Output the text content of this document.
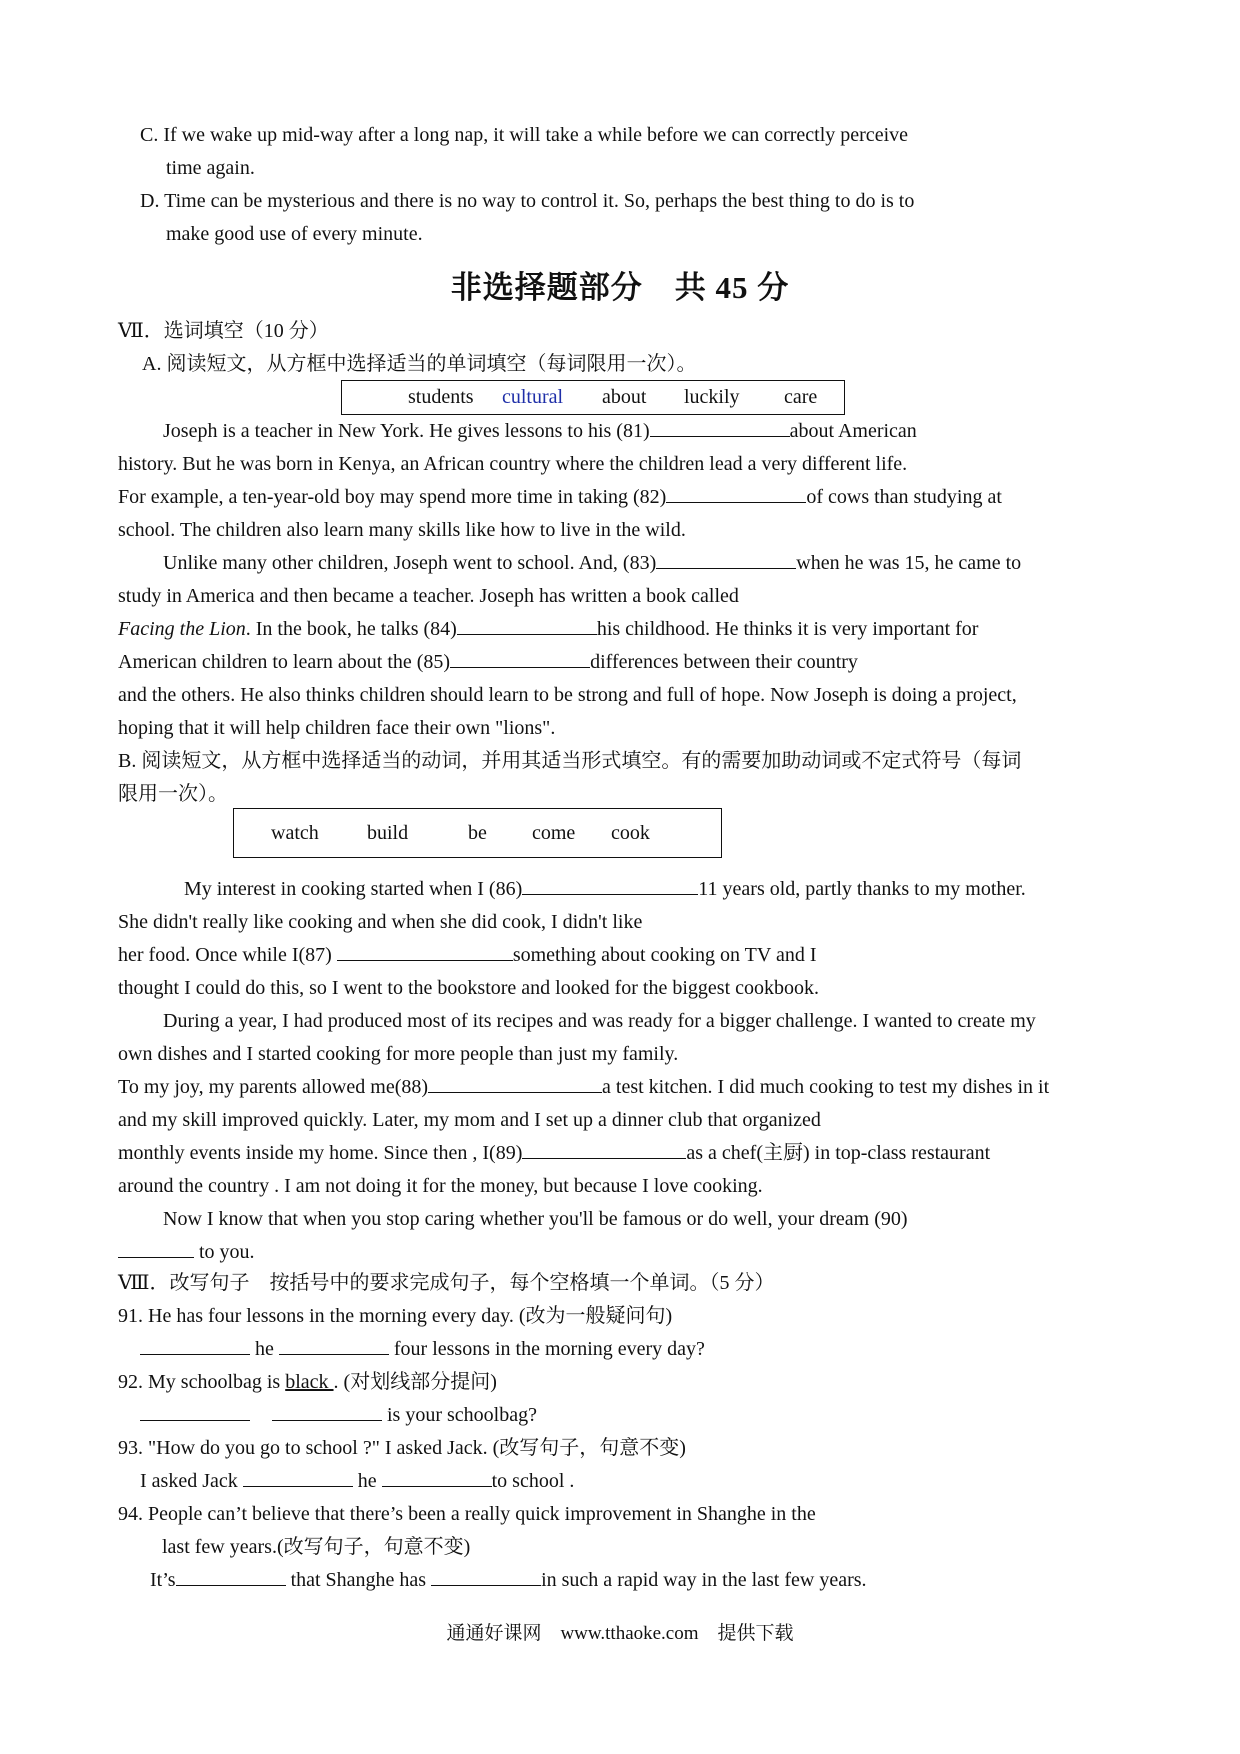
C. If we wake up mid-way after a long nap, it will take a while before we can correctly perceive
time again.
D. Time can be mysterious and there is no way to control it. So, perhaps the best thing to do is to
make good use of every minute.
非选择题部分　共 45 分
Ⅶ．选词填空（10 分）
A. 阅读短文，从方框中选择适当的单词填空（每词限用一次）。
students cultural about luckily care
Joseph is a teacher in New York. He gives lessons to his (81)	about American
history. But he was born in Kenya, an African country where the children lead a very different life.
For example, a ten-year-old boy may spend more time in taking (82)	of cows than studying at
school. The children also learn many skills like how to live in the wild.
Unlike many other children, Joseph went to school. And, (83)	when he was 15, he came to
study in America and then became a teacher. Joseph has written a book called
Facing the Lion. In the book, he talks (84)	his childhood. He thinks it is very important for
American children to learn about the (85)	differences between their country
and the others. He also thinks children should learn to be strong and full of hope. Now Joseph is doing a project,
hoping that it will help children face their own "lions".
B. 阅读短文，从方框中选择适当的动词，并用其适当形式填空。有的需要加助动词或不定式符号（每词
限用一次）。
watch build	be come cook
My interest in cooking started when I (86)	11 years old, partly thanks to my mother.
She didn't really like cooking and when she did cook, I didn't like
her food. Once while I(87)	something about cooking on TV and I
thought I could do this, so I went to the bookstore and looked for the biggest cookbook.
During a year, I had produced most of its recipes and was ready for a bigger challenge. I wanted to create my
own dishes and I started cooking for more people than just my family.
To my joy, my parents allowed me(88)	a test kitchen. I did much cooking to test my dishes in it
and my skill improved quickly. Later, my mom and I set up a dinner club that organized
monthly events inside my home. Since then , I(89)	as a chef(主厨) in top-class restaurant
around the country . I am not doing it for the money, but because I love cooking.
Now I know that when you stop caring whether you'll be famous or do well, your dream (90)
to you.
Ⅷ．改写句子　按括号中的要求完成句子，每个空格填一个单词。（5 分）
91. He has four lessons in the morning every day. (改为一般疑问句)
he	four lessons in the morning every day?
92. My schoolbag is black . (对划线部分提问)
is your schoolbag?
93. "How do you go to school ?" I asked Jack. (改写句子，句意不变)
I asked Jack	he	to school .
94. People can’t believe that there’s been a really quick improvement in Shanghe in the
last few years.(改写句子，句意不变)
It’s	that Shanghe has	in such a rapid way in the last few years.
通通好课网　www.tthaoke.com　提供下载
